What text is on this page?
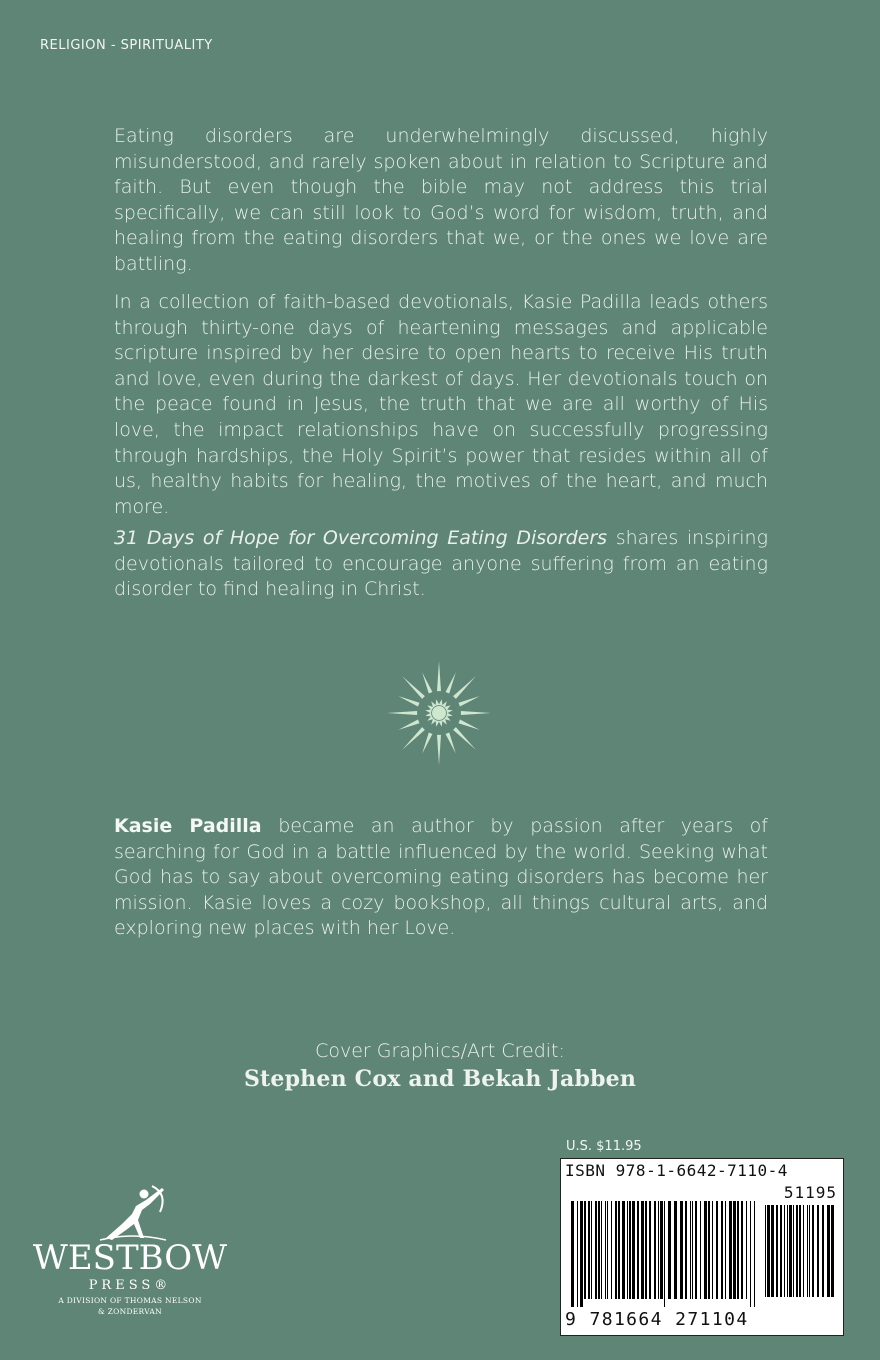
RELIGION - SPIRITUALITY

Eating disorders are underwhelmingly discussed, highly misunderstood, and rarely spoken about in relation to Scripture and faith. But even though the bible may not address this trial specifically, we can still look to God’s word for wisdom, truth, and healing from the eating disorders that we, or the ones we love are battling.

In a collection of faith-based devotionals, Kasie Padilla leads others through thirty-one days of heartening messages and applicable scripture inspired by her desire to open hearts to receive His truth and love, even during the darkest of days. Her devotionals touch on the peace found in Jesus, the truth that we are all worthy of His love, the impact relationships have on successfully progressing through hardships, the Holy Spirit’s power that resides within all of us, healthy habits for healing, the motives of the heart, and much more.

31 Days of Hope for Overcoming Eating Disorders shares inspiring devotionals tailored to encourage anyone suffering from an eating disorder to find healing in Christ.

Kasie Padilla became an author by passion after years of searching for God in a battle influenced by the world. Seeking what God has to say about overcoming eating disorders has become her mission. Kasie loves a cozy bookshop, all things cultural arts, and exploring new places with her Love.

Cover Graphics/Art Credit:
Stephen Cox and Bekah Jabben
U.S. $11.95
ISBN 978-1-6642-7110-4
51195
9 781664 271104
WESTBOW
PRESS®
A DIVISION OF THOMAS NELSON
& ZONDERVAN
